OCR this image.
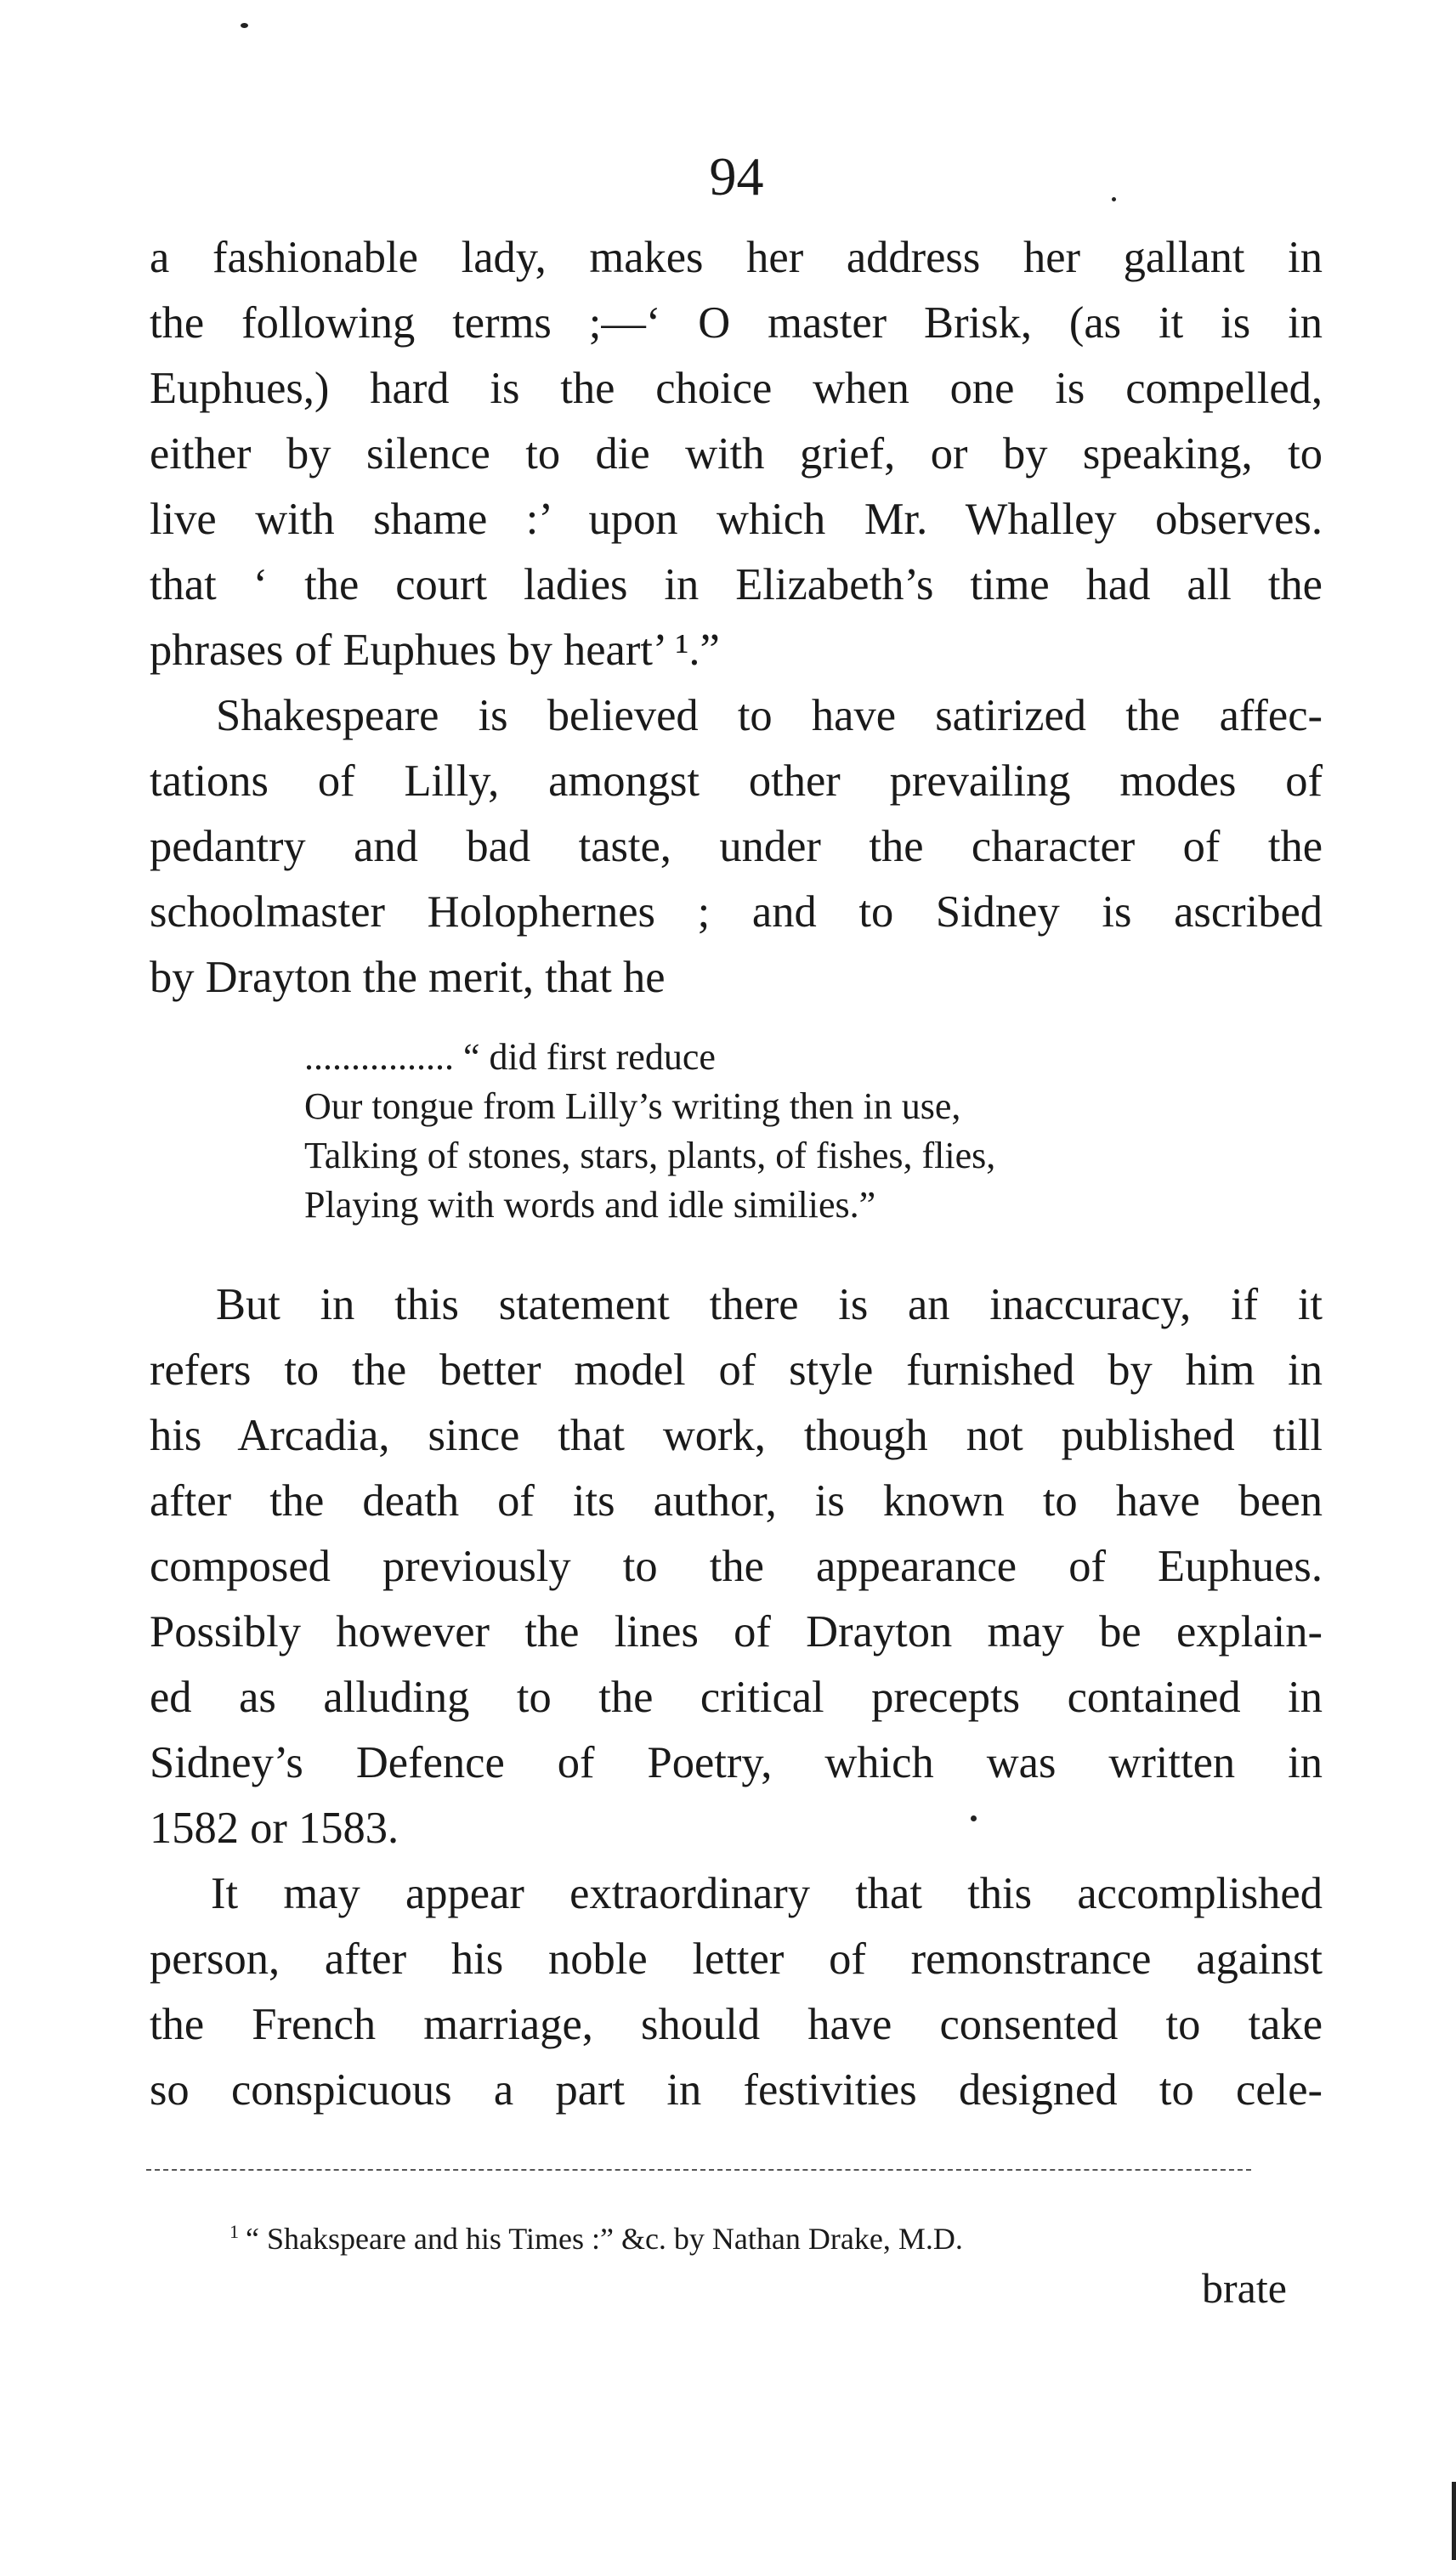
94
a fashionable lady, makes her address her gallant in
the following terms ;—‘ O master Brisk, (as it is in
Euphues,) hard is the choice when one is compelled,
either by silence to die with grief, or by speaking, to
live with shame :’ upon which Mr. Whalley observes.
that ‘ the court ladies in Elizabeth’s time had all the
phrases of Euphues by heart’ ¹.”
Shakespeare is believed to have satirized the affec-
tations of Lilly, amongst other prevailing modes of
pedantry and bad taste, under the character of the
schoolmaster Holophernes ; and to Sidney is ascribed
by Drayton the merit, that he
................ “ did first reduce
Our tongue from Lilly’s writing then in use,
Talking of stones, stars, plants, of fishes, flies,
Playing with words and idle similies.”
But in this statement there is an inaccuracy, if it
refers to the better model of style furnished by him in
his Arcadia, since that work, though not published till
after the death of its author, is known to have been
composed previously to the appearance of Euphues.
Possibly however the lines of Drayton may be explain-
ed as alluding to the critical precepts contained in
Sidney’s Defence of Poetry, which was written in
1582 or 1583.
It may appear extraordinary that this accomplished
person, after his noble letter of remonstrance against
the French marriage, should have consented to take
so conspicuous a part in festivities designed to cele-
$^1$ “ Shakspeare and his Times :” &c. by Nathan Drake, M.D.
brate
